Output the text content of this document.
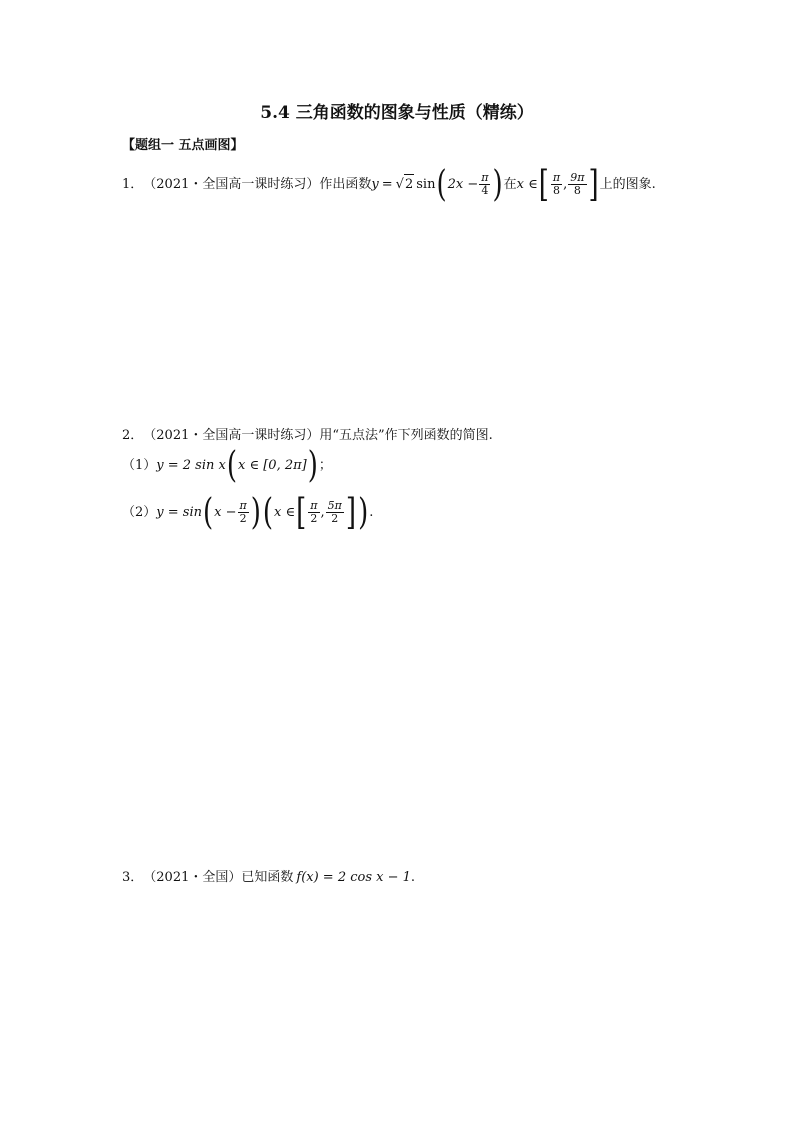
5.4 三角函数的图象与性质（精练）
【题组一 五点画图】
1． （2021・全国高一课时练习） 作出函数 y = √ 2 sin ( $2x - \frac{\pi}{4}$ ) 在 x ∈ [ $\frac{\pi}{8}$ , $\frac{9\pi}{8}$ ] 上的图象.
2． （2021・全国高一课时练习） 用“五点法”作下列函数的简图.
（1） y = 2 sin x ( x ∈ [0, 2π] ) ；
（2） y = sin ( $x - \frac{\pi}{2}$ ) ( x ∈ [ $\frac{\pi}{2}$ , $\frac{5\pi}{2}$ ] ) .
3． （2021・全国） 已知函数 f(x) = 2 cos x − 1 .
